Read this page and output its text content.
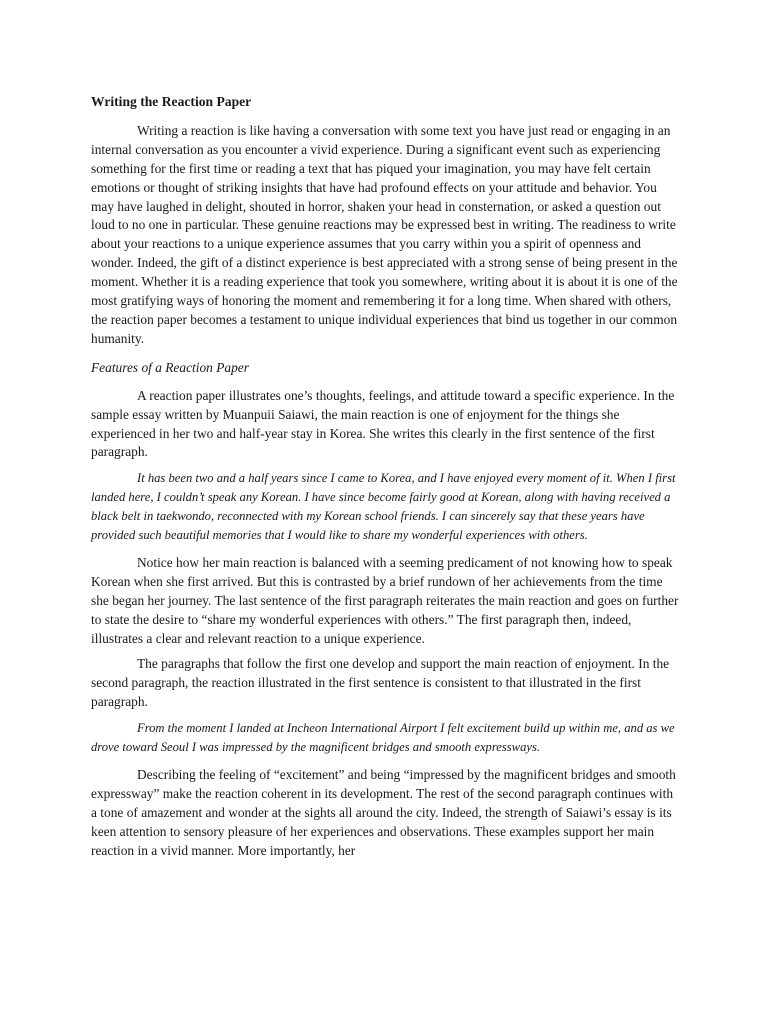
Writing the Reaction Paper

Writing a reaction is like having a conversation with some text you have just read or engaging in an internal conversation as you encounter a vivid experience. During a significant event such as experiencing something for the first time or reading a text that has piqued your imagination, you may have felt certain emotions or thought of striking insights that have had profound effects on your attitude and behavior. You may have laughed in delight, shouted in horror, shaken your head in consternation, or asked a question out loud to no one in particular. These genuine reactions may be expressed best in writing. The readiness to write about your reactions to a unique experience assumes that you carry within you a spirit of openness and wonder. Indeed, the gift of a distinct experience is best appreciated with a strong sense of being present in the moment. Whether it is a reading experience that took you somewhere, writing about it is about it is one of the most gratifying ways of honoring the moment and remembering it for a long time. When shared with others, the reaction paper becomes a testament to unique individual experiences that bind us together in our common humanity.

Features of a Reaction Paper

A reaction paper illustrates one’s thoughts, feelings, and attitude toward a specific experience. In the sample essay written by Muanpuii Saiawi, the main reaction is one of enjoyment for the things she experienced in her two and half-year stay in Korea. She writes this clearly in the first sentence of the first paragraph.

It has been two and a half years since I came to Korea, and I have enjoyed every moment of it. When I first landed here, I couldn’t speak any Korean. I have since become fairly good at Korean, along with having received a black belt in taekwondo, reconnected with my Korean school friends. I can sincerely say that these years have provided such beautiful memories that I would like to share my wonderful experiences with others.

Notice how her main reaction is balanced with a seeming predicament of not knowing how to speak Korean when she first arrived. But this is contrasted by a brief rundown of her achievements from the time she began her journey. The last sentence of the first paragraph reiterates the main reaction and goes on further to state the desire to “share my wonderful experiences with others.” The first paragraph then, indeed, illustrates a clear and relevant reaction to a unique experience.

The paragraphs that follow the first one develop and support the main reaction of enjoyment. In the second paragraph, the reaction illustrated in the first sentence is consistent to that illustrated in the first paragraph.

From the moment I landed at Incheon International Airport I felt excitement build up within me, and as we drove toward Seoul I was impressed by the magnificent bridges and smooth expressways.

Describing the feeling of “excitement” and being “impressed by the magnificent bridges and smooth expressway” make the reaction coherent in its development. The rest of the second paragraph continues with a tone of amazement and wonder at the sights all around the city. Indeed, the strength of Saiawi’s essay is its keen attention to sensory pleasure of her experiences and observations. These examples support her main reaction in a vivid manner. More importantly, her
